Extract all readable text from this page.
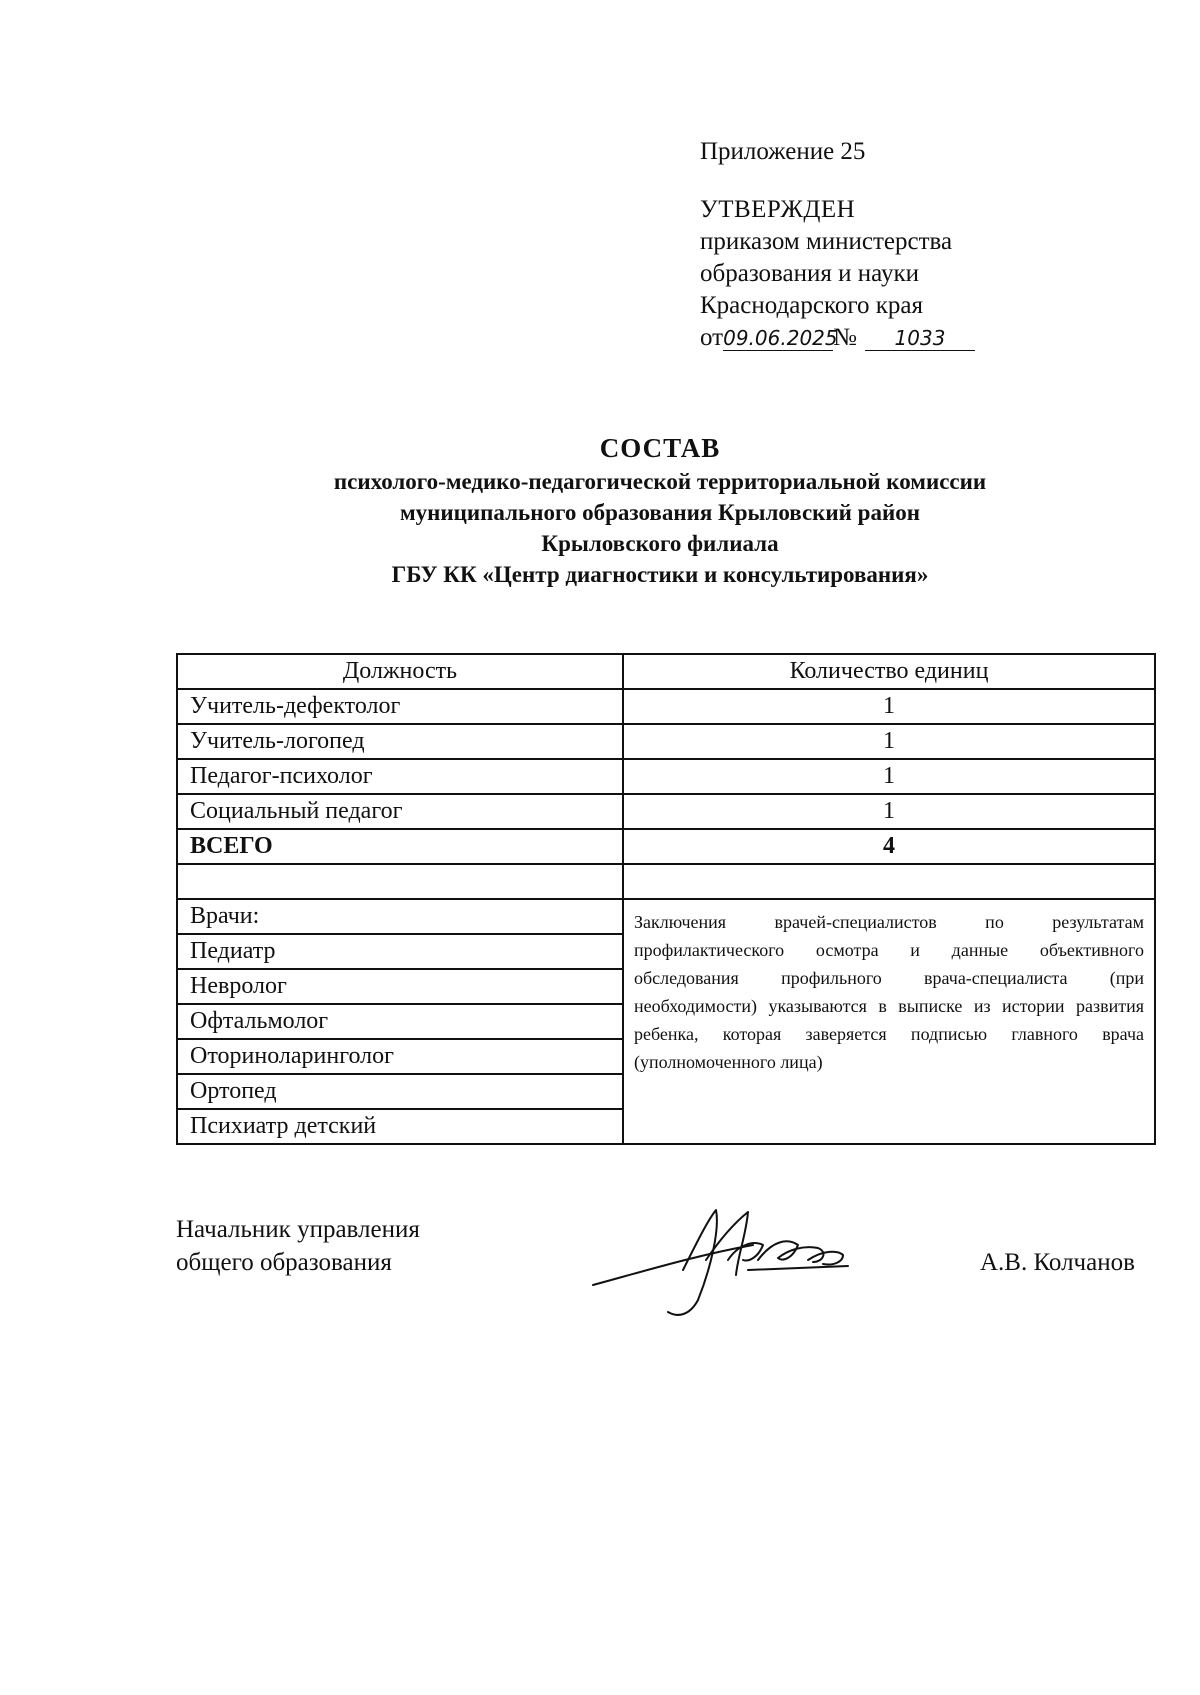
Приложение 25
УТВЕРЖДЕН
приказом министерства
образования и науки
Краснодарского края
от09.06.2025№ 1033
СОСТАВ
психолого-медико-педагогической территориальной комиссии
муниципального образования Крыловский район
Крыловского филиала
ГБУ КК «Центр диагностики и консультирования»
Должность	Количество единиц
Учитель-дефектолог	1
Учитель-логопед	1
Педагог-психолог	1
Социальный педагог	1
ВСЕГО	4

Врачи:	Заключения врачей-специалистов по результатам профилактического осмотра и данные объективного обследования профильного врача-специалиста (при необходимости) указываются в выписке из истории развития ребенка, которая заверяется подписью главного врача (уполномоченного лица)
Педиатр	
Невролог	
Офтальмолог	
Оториноларинголог	
Ортопед	
Психиатр детский	
Начальник управления
общего образования	А.В. Колчанов
